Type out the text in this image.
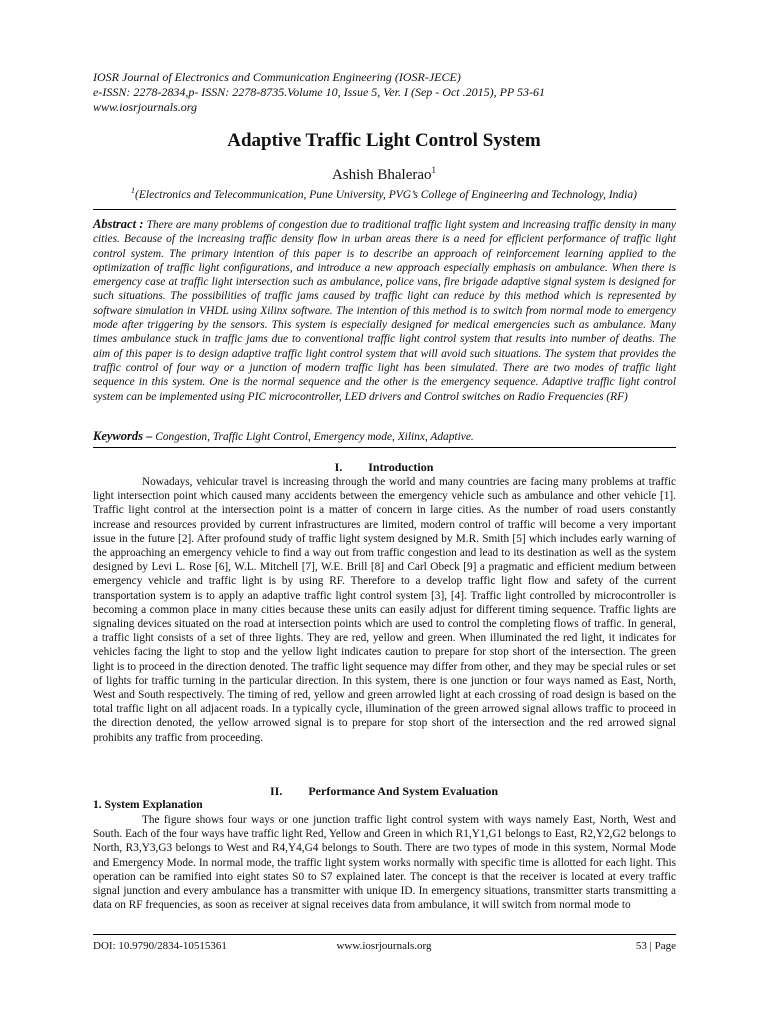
IOSR Journal of Electronics and Communication Engineering (IOSR-JECE)
e-ISSN: 2278-2834,p- ISSN: 2278-8735.Volume 10, Issue 5, Ver. I (Sep - Oct .2015), PP 53-61
www.iosrjournals.org
Adaptive Traffic Light Control System
Ashish Bhalerao$^1$
$^1$(Electronics and Telecommunication, Pune University, PVG’s College of Engineering and Technology, India)
Abstract : There are many problems of congestion due to traditional traffic light system and increasing traffic density in many cities. Because of the increasing traffic density flow in urban areas there is a need for efficient performance of traffic light control system. The primary intention of this paper is to describe an approach of reinforcement learning applied to the optimization of traffic light configurations, and introduce a new approach especially emphasis on ambulance. When there is emergency case at traffic light intersection such as ambulance, police vans, fire brigade adaptive signal system is designed for such situations. The possibilities of traffic jams caused by traffic light can reduce by this method which is represented by software simulation in VHDL using Xilinx software. The intention of this method is to switch from normal mode to emergency mode after triggering by the sensors. This system is especially designed for medical emergencies such as ambulance. Many times ambulance stuck in traffic jams due to conventional traffic light control system that results into number of deaths. The aim of this paper is to design adaptive traffic light control system that will avoid such situations. The system that provides the traffic control of four way or a junction of modern traffic light has been simulated. There are two modes of traffic light sequence in this system. One is the normal sequence and the other is the emergency sequence. Adaptive traffic light control system can be implemented using PIC microcontroller, LED drivers and Control switches on Radio Frequencies (RF)
Keywords – Congestion, Traffic Light Control, Emergency mode, Xilinx, Adaptive.
I. Introduction

Nowadays, vehicular travel is increasing through the world and many countries are facing many problems at traffic light intersection point which caused many accidents between the emergency vehicle such as ambulance and other vehicle [1]. Traffic light control at the intersection point is a matter of concern in large cities. As the number of road users constantly increase and resources provided by current infrastructures are limited, modern control of traffic will become a very important issue in the future [2]. After profound study of traffic light system designed by M.R. Smith [5] which includes early warning of the approaching an emergency vehicle to find a way out from traffic congestion and lead to its destination as well as the system designed by Levi L. Rose [6], W.L. Mitchell [7], W.E. Brill [8] and Carl Obeck [9] a pragmatic and efficient medium between emergency vehicle and traffic light is by using RF. Therefore to a develop traffic light flow and safety of the current transportation system is to apply an adaptive traffic light control system [3], [4]. Traffic light controlled by microcontroller is becoming a common place in many cities because these units can easily adjust for different timing sequence. Traffic lights are signaling devices situated on the road at intersection points which are used to control the completing flows of traffic. In general, a traffic light consists of a set of three lights. They are red, yellow and green. When illuminated the red light, it indicates for vehicles facing the light to stop and the yellow light indicates caution to prepare for stop short of the intersection. The green light is to proceed in the direction denoted. The traffic light sequence may differ from other, and they may be special rules or set of lights for traffic turning in the particular direction. In this system, there is one junction or four ways named as East, North, West and South respectively. The timing of red, yellow and green arrowled light at each crossing of road design is based on the total traffic light on all adjacent roads. In a typically cycle, illumination of the green arrowed signal allows traffic to proceed in the direction denoted, the yellow arrowed signal is to prepare for stop short of the intersection and the red arrowed signal prohibits any traffic from proceeding.

II. Performance And System Evaluation
1. System Explanation

The figure shows four ways or one junction traffic light control system with ways namely East, North, West and South. Each of the four ways have traffic light Red, Yellow and Green in which R1,Y1,G1 belongs to East, R2,Y2,G2 belongs to North, R3,Y3,G3 belongs to West and R4,Y4,G4 belongs to South. There are two types of mode in this system, Normal Mode and Emergency Mode. In normal mode, the traffic light system works normally with specific time is allotted for each light. This operation can be ramified into eight states S0 to S7 explained later. The concept is that the receiver is located at every traffic signal junction and every ambulance has a transmitter with unique ID. In emergency situations, transmitter starts transmitting a data on RF frequencies, as soon as receiver at signal receives data from ambulance, it will switch from normal mode to

DOI: 10.9790/2834-10515361	www.iosrjournals.org	53 | Page
